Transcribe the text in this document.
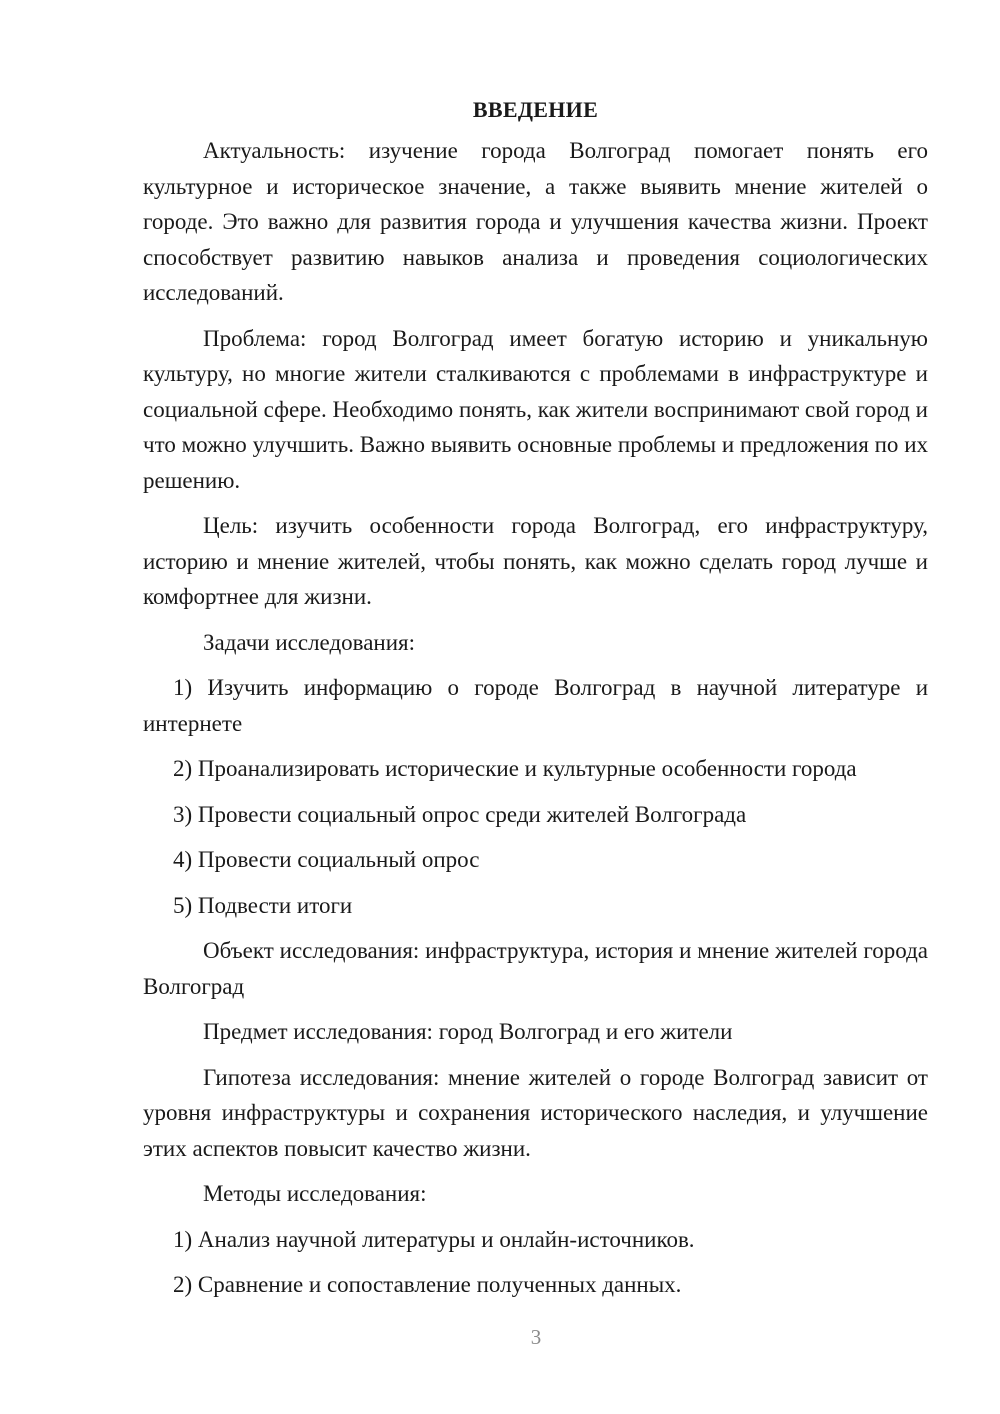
ВВЕДЕНИЕ

Актуальность: изучение города Волгоград помогает понять его культурное и историческое значение, а также выявить мнение жителей о городе. Это важно для развития города и улучшения качества жизни. Проект способствует развитию навыков анализа и проведения социологических исследований.

Проблема: город Волгоград имеет богатую историю и уникальную культуру, но многие жители сталкиваются с проблемами в инфраструктуре и социальной сфере. Необходимо понять, как жители воспринимают свой город и что можно улучшить. Важно выявить основные проблемы и предложения по их решению.

Цель: изучить особенности города Волгоград, его инфраструктуру, историю и мнение жителей, чтобы понять, как можно сделать город лучше и комфортнее для жизни.

Задачи исследования:

1) Изучить информацию о городе Волгоград в научной литературе и интернете

2) Проанализировать исторические и культурные особенности города

3) Провести социальный опрос среди жителей Волгограда

4) Провести социальный опрос

5) Подвести итоги

Объект исследования: инфраструктура, история и мнение жителей города Волгоград

Предмет исследования: город Волгоград и его жители

Гипотеза исследования: мнение жителей о городе Волгоград зависит от уровня инфраструктуры и сохранения исторического наследия, и улучшение этих аспектов повысит качество жизни.

Методы исследования:

1) Анализ научной литературы и онлайн-источников.

2) Сравнение и сопоставление полученных данных.

3
